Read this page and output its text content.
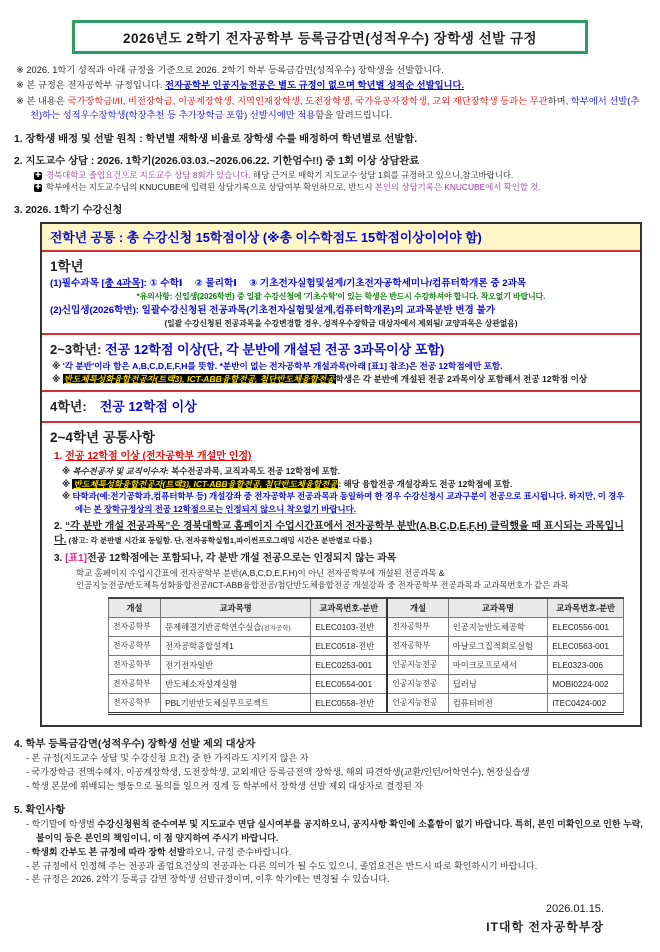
2026년도 2학기 전자공학부 등록금감면(성적우수) 장학생 선발 규정

※ 2026. 1학기 성적과 아래 규정을 기준으로 2026. 2학기 학부 등록금감면(성적우수) 장학생을 선발합니다.

※ 본 규정은 전자공학부 규정입니다. 전자공학부 인공지능전공은 별도 규정이 없으며 학년별 성적순 선발입니다.

※ 본 내용은 국가장학금I/II, 비전장학금, 이공계장학생, 지역인재장학생, 도전장학생, 국가유공자장학생, 교외 재단장학생 등과는 무관하며, 학부에서 선발(추천)하는 성적우수장학생(학장추천 등 추가장학금 포함) 선발시에만 적용함을 알려드립니다.

1. 장학생 배정 및 선발 원칙 : 학년별 재학생 비율로 장학생 수를 배정하여 학년별로 선발함.
2. 지도교수 상담 : 2026. 1학기(2026.03.03.~2026.06.22. 기한엄수!!) 중 1회 이상 상담완료

✚ 경북대학교 졸업요건으로 지도교수 상담 8회가 있습니다. 해당 근거로 매학기 지도교수 상담 1회를 규정하고 있으니,참고바랍니다.

✚ 학부에서는 지도교수님의 KNUCUBE에 입력된 상담기록으로 상담여부 확인하므로, 반드시 본인의 상담기록은 KNUCUBE에서 확인할 것.

3. 2026. 1학기 수강신청
전학년 공통 : 총 수강신청 15학점이상 (※총 이수학점도 15학점이상이어야 함)
1학년
(1)필수과목 [총 4과목]: ① 수학Ⅰ　 ② 물리학Ⅰ 　③ 기초전자실험및설계/기초전자공학세미나/컴퓨터학개론 중 2과목
*유의사항: 신입생(2026학번) 중 일괄 수강신청에 '기초수학'이 있는 학생은 반드시 수강하셔야 합니다. 착오없기 바랍니다.
(2)신입생(2026학번): 일괄수강신청된 전공과목(기초전자실험및설계,컴퓨터학개론)의 교과목분반 변경 불가
(일괄 수강신청된 전공과목을 수강변경할 경우, 성적우수장학금 대상자에서 제외됨/ 교양과목은 상관없음)
2~3학년: 전공 12학점 이상(단, 각 분반에 개설된 전공 3과목이상 포함)
※ '각 분반'이라 함은 A,B,C,D,E,F,H를 뜻함. *분반이 없는 전자공학부 개설과목(아래 [표1] 참조)은 전공 12학점에만 포함.
※ 반도체특성화융합전공자(트랙3), ICT-ABB융합전공, 첨단반도체융합전공학생은 각 분반에 개설된 전공 2과목이상 포함해서 전공 12학점 이상
4학년:　전공 12학점 이상
2~4학년 공통사항
1. 전공 12학점 이상 (전자공학부 개설만 인정)
※ 복수전공자 및 교직이수자: 복수전공과목, 교직과목도 전공 12학점에 포함.
※ 반도체특성화융합전공자(트랙3), ICT-ABB융합전공, 첨단반도체융합전공: 해당 융합전공 개설강좌도 전공 12학점에 포함.
※ 타학과(예:전기공학과,컴퓨터학부 등) 개설강좌 중 전자공학부 전공과목과 동일하여 한 경우 수강신청시 교과구분이 전공으로 표시됩니다. 하지만, 이 경우에는 본 장학규정상의 전공 12학점으로는 인정되지 않으니 착오없기 바랍니다.
2. “각 분반 개설 전공과목”은 경북대학교 홈페이지 수업시간표에서 전자공학부 분반(A,B,C,D,E,F,H) 클릭했을 때 표시되는 과목입니다. (참고: 각 분반별 시간표 동일함. 단, 전자공학실험1,파이썬프로그래밍 시간은 분반별로 다름.)
3. [표1]전공 12학점에는 포함되나, 각 분반 개설 전공으로는 인정되지 않는 과목
학교 홈페이지 수업시간표에 전자공학부 분반(A,B,C,D,E,F,H)이 아닌 전자공학부에 개설된 전공과목 &
인공지능전공/반도체특성화융합전공/ICT-ABB융합전공/첨단반도체융합전공 개설강좌 중 전자공학부 전공과목과 교과목번호가 같은 과목
개설	교과목명	교과목번호-분반	개설	교과목명	교과목번호-분반
전자공학부	문제해결기반공학연수실습(전자공학)	ELEC0103-전반	전자공학부	인공지능반도체공학	ELEC0556-001
전자공학부	전자공학종합설계1	ELEC0518-전반	전자공학부	아날로그집적회로실험	ELEC0563-001
전자공학부	전기전자일반	ELEC0253-001	인공지능전공	마이크로프로세서	ELE0323-006
전자공학부	반도체소자설계실험	ELEC0554-001	인공지능전공	딥러닝	MOBI0224-002
전자공학부	PBL기반반도체실무프로젝트	ELEC0558-전반	인공지능전공	컴퓨터비전	ITEC0424-002
4. 학부 등록금감면(성적우수) 장학생 선발 제외 대상자

- 본 규정(지도교수 상담 및 수강신청 요건) 중 한 가지라도 지키지 않은 자

- 국가장학금 전액수혜자, 이공계장학생, 도전장학생, 교외재단 등록금전액 장학생, 해외 파견학생(교환/인턴/어학연수), 현장실습생

- 학생 본분에 위배되는 행동으로 물의를 일으켜 징계 등 학부에서 장학생 선발 제외 대상자로 결정된 자

5. 확인사항

- 학기말에 학생별 수강신청원칙 준수여부 및 지도교수 면담 실시여부를 공지하오니, 공지사항 확인에 소홀함이 없기 바랍니다. 특히, 본인 미확인으로 인한 누락, 불이익 등은 본인의 책임이니, 이 점 양지하여 주시기 바랍니다.

- 학생회 간부도 본 규정에 따라 장학 선발하오니, 규정 준수바랍니다.

- 본 규정에서 인정해 주는 전공과 졸업요건상의 전공과는 다른 의미가 될 수도 있으니, 졸업요건은 반드시 따로 확인하시기 바랍니다.

- 본 규정은 2026. 2학기 등록금 감면 장학생 선발규정이며, 이후 학기에는 변경될 수 있습니다.

2026.01.15.
IT대학 전자공학부장
